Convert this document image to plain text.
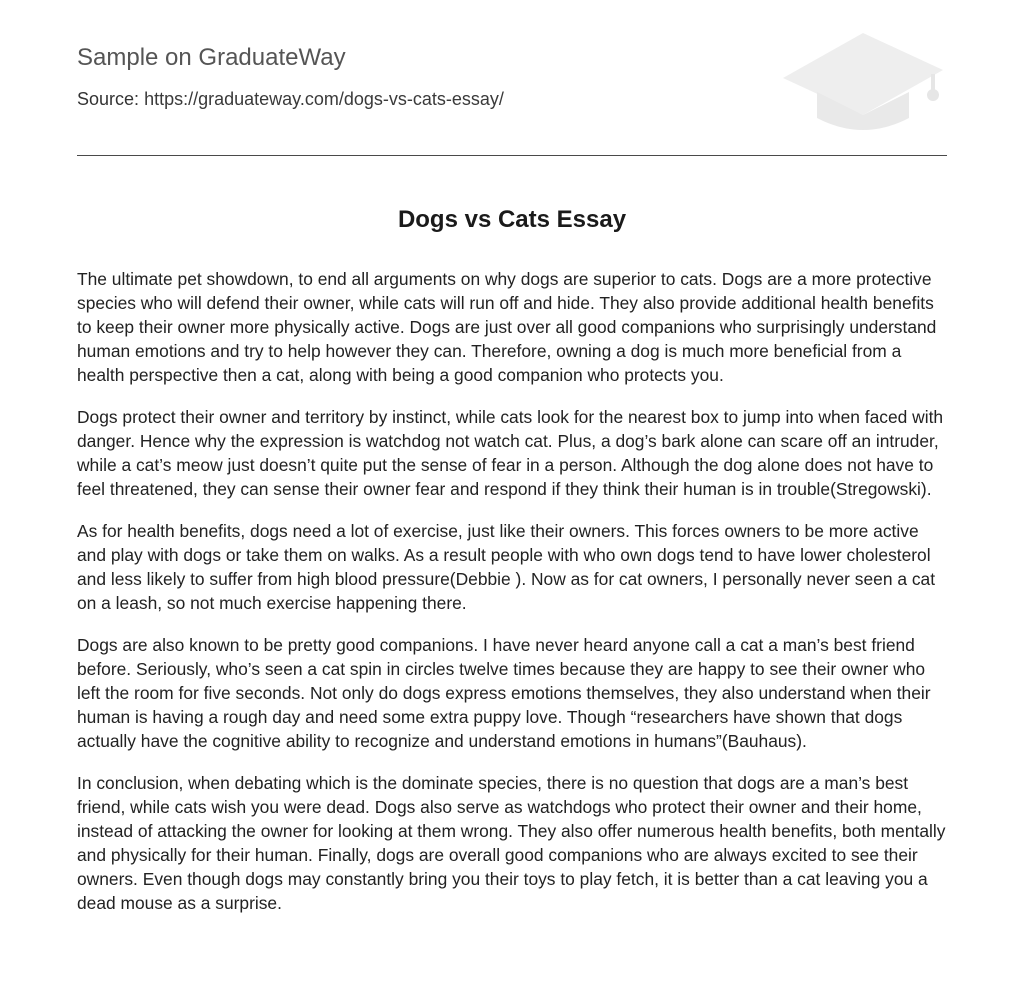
Sample on GraduateWay
Source: https://graduateway.com/dogs-vs-cats-essay/
Dogs vs Cats Essay

The ultimate pet showdown, to end all arguments on why dogs are superior to cats. Dogs are a more protective species who will defend their owner, while cats will run off and hide. They also provide additional health benefits to keep their owner more physically active. Dogs are just over all good companions who surprisingly understand human emotions and try to help however they can. Therefore, owning a dog is much more beneficial from a health perspective then a cat, along with being a good companion who protects you.

Dogs protect their owner and territory by instinct, while cats look for the nearest box to jump into when faced with danger. Hence why the expression is watchdog not watch cat. Plus, a dog’s bark alone can scare off an intruder, while a cat’s meow just doesn’t quite put the sense of fear in a person. Although the dog alone does not have to feel threatened, they can sense their owner fear and respond if they think their human is in trouble(Stregowski).

As for health benefits, dogs need a lot of exercise, just like their owners. This forces owners to be more active and play with dogs or take them on walks. As a result people with who own dogs tend to have lower cholesterol and less likely to suffer from high blood pressure(Debbie ). Now as for cat owners, I personally never seen a cat on a leash, so not much exercise happening there.

Dogs are also known to be pretty good companions. I have never heard anyone call a cat a man’s best friend before. Seriously, who’s seen a cat spin in circles twelve times because they are happy to see their owner who left the room for five seconds. Not only do dogs express emotions themselves, they also understand when their human is having a rough day and need some extra puppy love. Though “researchers have shown that dogs actually have the cognitive ability to recognize and understand emotions in humans”(Bauhaus).

In conclusion, when debating which is the dominate species, there is no question that dogs are a man’s best friend, while cats wish you were dead. Dogs also serve as watchdogs who protect their owner and their home, instead of attacking the owner for looking at them wrong. They also offer numerous health benefits, both mentally and physically for their human. Finally, dogs are overall good companions who are always excited to see their owners. Even though dogs may constantly bring you their toys to play fetch, it is better than a cat leaving you a dead mouse as a surprise.
